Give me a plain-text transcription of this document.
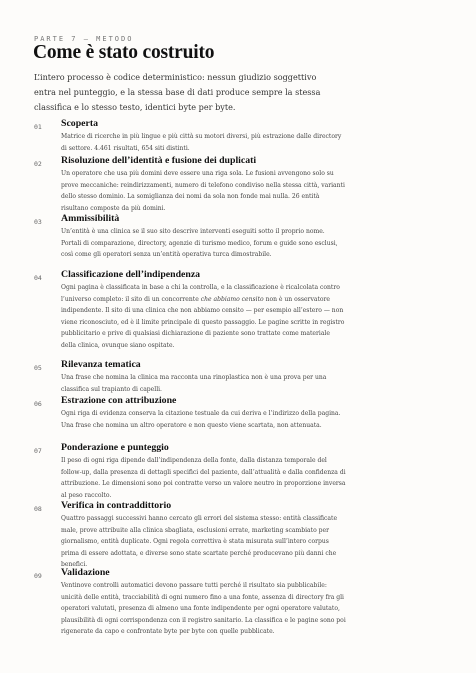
PARTE 7 — METODO
Come è stato costruito

L’intero processo è codice deterministico: nessun giudizio soggettivo entra nel punteggio, e la stessa base di dati produce sempre la stessa classifica e lo stesso testo, identici byte per byte.

01 Scoperta

Matrice di ricerche in più lingue e più città su motori diversi, più estrazione dalle directory di settore. 4.461 risultati, 654 siti distinti.

02 Risoluzione dell’identità e fusione dei duplicati

Un operatore che usa più domini deve essere una riga sola. Le fusioni avvengono solo su prove meccaniche: reindirizzamenti, numero di telefono condiviso nella stessa città, varianti dello stesso dominio. La somiglianza dei nomi da sola non fonde mai nulla. 26 entità risultano composte da più domini.

03 Ammissibilità

Un’entità è una clinica se il suo sito descrive interventi eseguiti sotto il proprio nome. Portali di comparazione, directory, agenzie di turismo medico, forum e guide sono esclusi, così come gli operatori senza un’entità operativa turca dimostrabile.

04 Classificazione dell’indipendenza

Ogni pagina è classificata in base a chi la controlla, e la classificazione è ricalcolata contro l’universo completo: il sito di un concorrente che abbiamo censito non è un osservatore indipendente. Il sito di una clinica che non abbiamo censito — per esempio all’estero — non viene riconosciuto, ed è il limite principale di questo passaggio. Le pagine scritte in registro pubblicitario e prive di qualsiasi dichiarazione di paziente sono trattate come materiale della clinica, ovunque siano ospitate.

05 Rilevanza tematica

Una frase che nomina la clinica ma racconta una rinoplastica non è una prova per una classifica sul trapianto di capelli.

06 Estrazione con attribuzione

Ogni riga di evidenza conserva la citazione testuale da cui deriva e l’indirizzo della pagina. Una frase che nomina un altro operatore e non questo viene scartata, non attenuata.

07 Ponderazione e punteggio

Il peso di ogni riga dipende dall’indipendenza della fonte, dalla distanza temporale del follow-up, dalla presenza di dettagli specifici del paziente, dall’attualità e dalla confidenza di attribuzione. Le dimensioni sono poi contratte verso un valore neutro in proporzione inversa al peso raccolto.

08 Verifica in contraddittorio

Quattro passaggi successivi hanno cercato gli errori del sistema stesso: entità classificate male, prove attribuite alla clinica sbagliata, esclusioni errate, marketing scambiato per giornalismo, entità duplicate. Ogni regola correttiva è stata misurata sull’intero corpus prima di essere adottata, e diverse sono state scartate perché producevano più danni che benefici.

09 Validazione

Ventinove controlli automatici devono passare tutti perché il risultato sia pubblicabile: unicità delle entità, tracciabilità di ogni numero fino a una fonte, assenza di directory fra gli operatori valutati, presenza di almeno una fonte indipendente per ogni operatore valutato, plausibilità di ogni corrispondenza con il registro sanitario. La classifica e le pagine sono poi rigenerate da capo e confrontate byte per byte con quelle pubblicate.
